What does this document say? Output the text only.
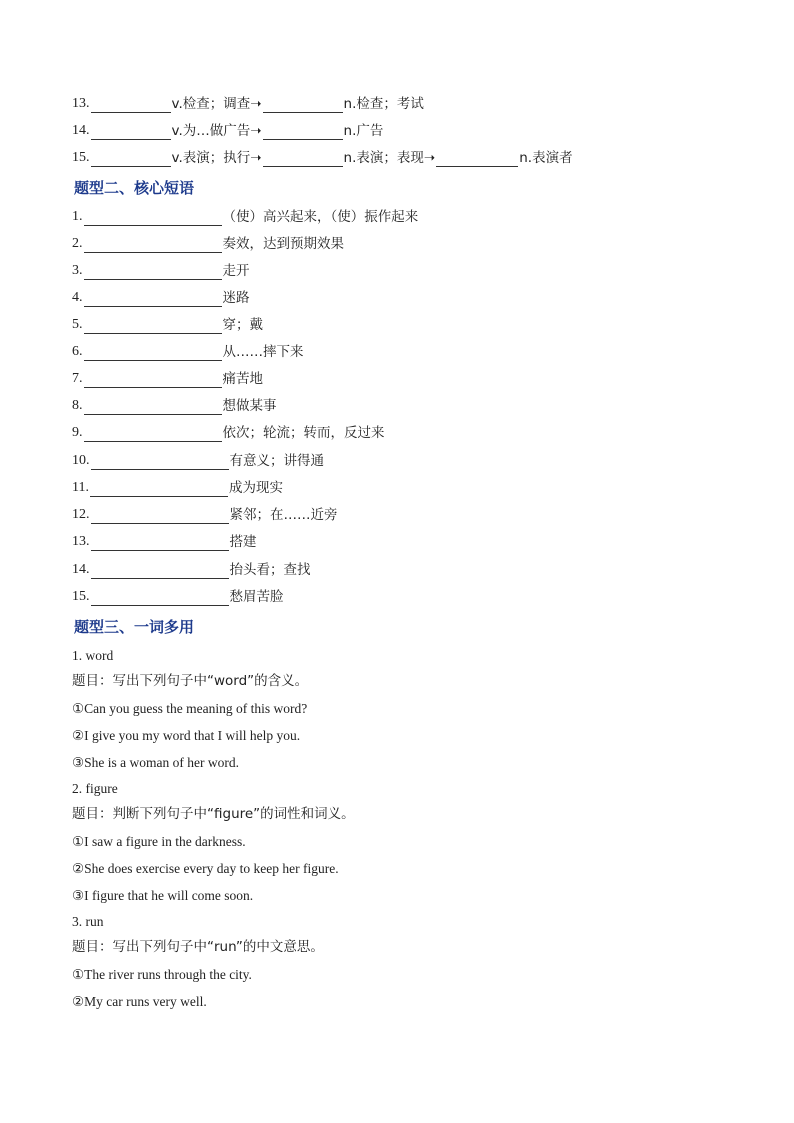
13.	v.检查；调查 ➝	n.检查；考试
14.	v.为…做广告 ➝	n.广告
15.	v.表演；执行 ➝	n.表演；表现 ➝	n.表演者
题型二、核心短语
1.	（使）高兴起来，（使）振作起来
2.	奏效，达到预期效果
3.	走开
4.	迷路
5.	穿；戴
6.	从……摔下来
7.	痛苦地
8.	想做某事
9.	依次；轮流；转而，反过来
10.	有意义；讲得通
11.	成为现实
12.	紧邻；在……近旁
13.	搭建
14.	抬头看；查找
15.	愁眉苦脸
题型三、一词多用
1. word
题目：写出下列句子中“word”的含义。
①Can you guess the meaning of this word?
②I give you my word that I will help you.
③She is a woman of her word.
2. figure
题目：判断下列句子中“figure”的词性和词义。
①I saw a figure in the darkness.
②She does exercise every day to keep her figure.
③I figure that he will come soon.
3. run
题目：写出下列句子中“run”的中文意思。
①The river runs through the city.
②My car runs very well.
